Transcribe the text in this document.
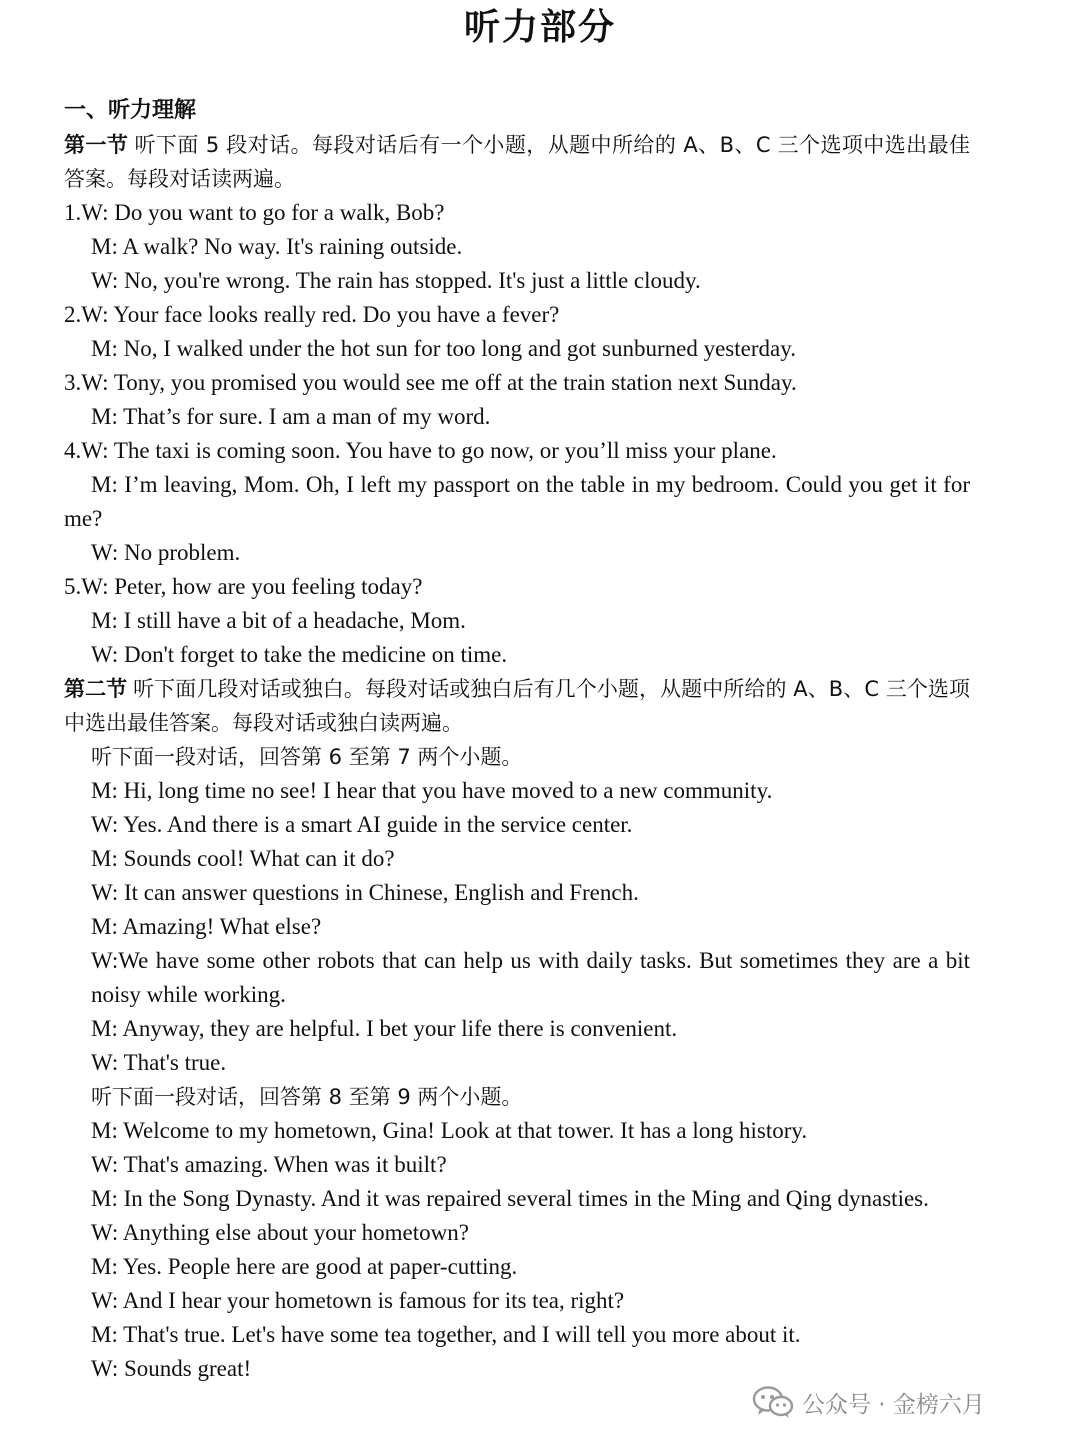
听力部分
一、听力理解
第一节 听下面 5 段对话。每段对话后有一个小题，从题中所给的 A、B、C 三个选项中选出最佳答案。每段对话读两遍。
1.W: Do you want to go for a walk, Bob?
M: A walk? No way. It's raining outside.
W: No, you're wrong. The rain has stopped. It's just a little cloudy.
2.W: Your face looks really red. Do you have a fever?
M: No, I walked under the hot sun for too long and got sunburned yesterday.
3.W: Tony, you promised you would see me off at the train station next Sunday.
M: That’s for sure. I am a man of my word.
4.W: The taxi is coming soon. You have to go now, or you’ll miss your plane.
M: I’m leaving, Mom. Oh, I left my passport on the table in my bedroom. Could you get it for me?
W: No problem.
5.W: Peter, how are you feeling today?
M: I still have a bit of a headache, Mom.
W: Don't forget to take the medicine on time.
第二节 听下面几段对话或独白。每段对话或独白后有几个小题，从题中所给的 A、B、C 三个选项中选出最佳答案。每段对话或独白读两遍。
听下面一段对话，回答第 6 至第 7 两个小题。
M: Hi, long time no see! I hear that you have moved to a new community.
W: Yes. And there is a smart AI guide in the service center.
M: Sounds cool! What can it do?
W: It can answer questions in Chinese, English and French.
M: Amazing! What else?
W:We have some other robots that can help us with daily tasks. But sometimes they are a bit noisy while working.
M: Anyway, they are helpful. I bet your life there is convenient.
W: That's true.
听下面一段对话，回答第 8 至第 9 两个小题。
M: Welcome to my hometown, Gina! Look at that tower. It has a long history.
W: That's amazing. When was it built?
M: In the Song Dynasty. And it was repaired several times in the Ming and Qing dynasties.
W: Anything else about your hometown?
M: Yes. People here are good at paper-cutting.
W: And I hear your hometown is famous for its tea, right?
M: That's true. Let's have some tea together, and I will tell you more about it.
W: Sounds great!
公众号 · 金榜六月
